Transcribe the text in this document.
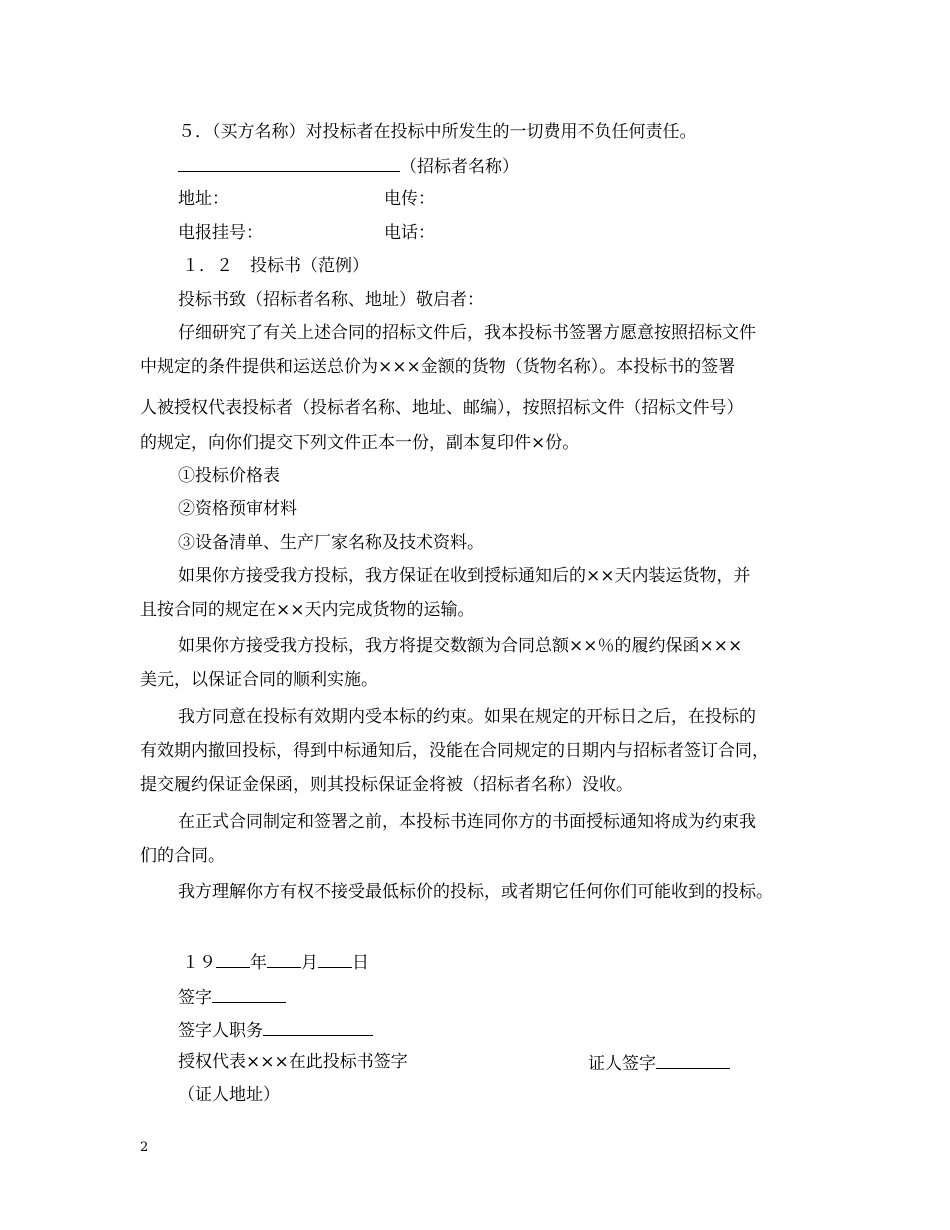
５．（买方名称）对投标者在投标中所发生的一切费用不负任何责任。
（招标者名称）
地址：	电传：
电报挂号：	电话：
１．２　投标书（范例）
投标书致（招标者名称、地址）敬启者：
仔细研究了有关上述合同的招标文件后，我本投标书签署方愿意按照招标文件
中规定的条件提供和运送总价为×××金额的货物（货物名称）。本投标书的签署
人被授权代表投标者（投标者名称、地址、邮编），按照招标文件（招标文件号）
的规定，向你们提交下列文件正本一份，副本复印件×份。
①投标价格表
②资格预审材料
③设备清单、生产厂家名称及技术资料。
如果你方接受我方投标，我方保证在收到授标通知后的××天内装运货物，并
且按合同的规定在××天内完成货物的运输。
如果你方接受我方投标，我方将提交数额为合同总额××％的履约保函×××
美元，以保证合同的顺利实施。
我方同意在投标有效期内受本标的约束。如果在规定的开标日之后，在投标的
有效期内撤回投标，得到中标通知后，没能在合同规定的日期内与招标者签订合同，
提交履约保证金保函，则其投标保证金将被（招标者名称）没收。
在正式合同制定和签署之前，本投标书连同你方的书面授标通知将成为约束我
们的合同。
我方理解你方有权不接受最低标价的投标，或者期它任何你们可能收到的投标。
１９ 年 月 日
签字
签字人职务
授权代表×××在此投标书签字	证人签字
（证人地址）
2
